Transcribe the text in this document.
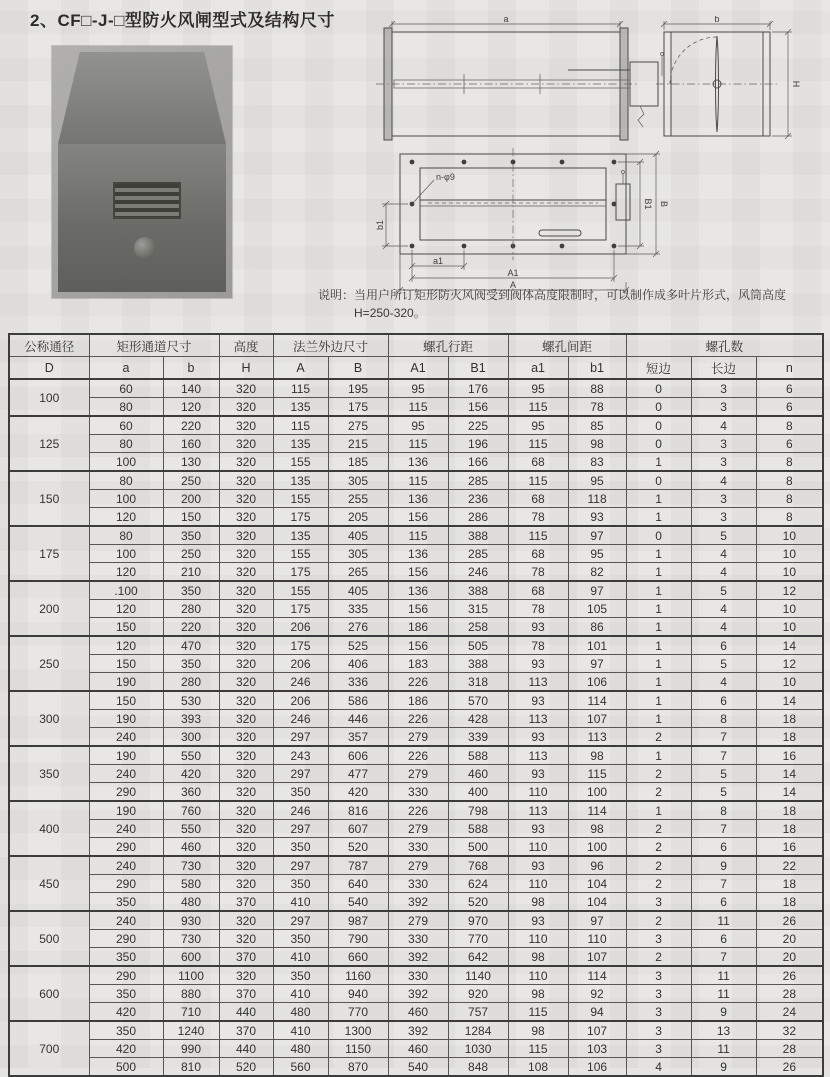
2、CF□-J-□型防火风闸型式及结构尺寸	a	b
H
n-φ9
b1
a1
A1
A
B1 B
说明： 当用户所订矩形防火风阀受到阀体高度限制时，可以制作成多叶片形式，风筒高度H=250-320。
公称通径	矩形通道尺寸		高度	法兰外边尺寸		螺孔行距		螺孔间距		螺孔数		
D	a	b	H	A	B	A1	B1	a1	b1	短边	长边	n
100	60	140	320	115	195	95	176	95	88	0	3	6
	80	120	320	135	175	115	156	115	78	0	3	6
125	60	220	320	115	275	95	225	95	85	0	4	8
	80	160	320	135	215	115	196	115	98	0	3	6
	100	130	320	155	185	136	166	68	83	1	3	8
150	80	250	320	135	305	115	285	115	95	0	4	8
	100	200	320	155	255	136	236	68	118	1	3	8
	120	150	320	175	205	156	286	78	93	1	3	8
175	80	350	320	135	405	115	388	115	97	0	5	10
	100	250	320	155	305	136	285	68	95	1	4	10
	120	210	320	175	265	156	246	78	82	1	4	10
200	.100	350	320	155	405	136	388	68	97	1	5	12
	120	280	320	175	335	156	315	78	105	1	4	10
	150	220	320	206	276	186	258	93	86	1	4	10
250	120	470	320	175	525	156	505	78	101	1	6	14
	150	350	320	206	406	183	388	93	97	1	5	12
	190	280	320	246	336	226	318	113	106	1	4	10
300	150	530	320	206	586	186	570	93	114	1	6	14
	190	393	320	246	446	226	428	113	107	1	8	18
	240	300	320	297	357	279	339	93	113	2	7	18
350	190	550	320	243	606	226	588	113	98	1	7	16
	240	420	320	297	477	279	460	93	115	2	5	14
	290	360	320	350	420	330	400	110	100	2	5	14
400	190	760	320	246	816	226	798	113	114	1	8	18
	240	550	320	297	607	279	588	93	98	2	7	18
	290	460	320	350	520	330	500	110	100	2	6	16
450	240	730	320	297	787	279	768	93	96	2	9	22
	290	580	320	350	640	330	624	110	104	2	7	18
	350	480	370	410	540	392	520	98	104	3	6	18
500	240	930	320	297	987	279	970	93	97	2	11	26
	290	730	320	350	790	330	770	110	110	3	6	20
	350	600	370	410	660	392	642	98	107	2	7	20
600	290	1100	320	350	1160	330	1140	110	114	3	11	26
	350	880	370	410	940	392	920	98	92	3	11	28
	420	710	440	480	770	460	757	115	94	3	9	24
700	350	1240	370	410	1300	392	1284	98	107	3	13	32
	420	990	440	480	1150	460	1030	115	103	3	11	28
	500	810	520	560	870	540	848	108	106	4	9	26
